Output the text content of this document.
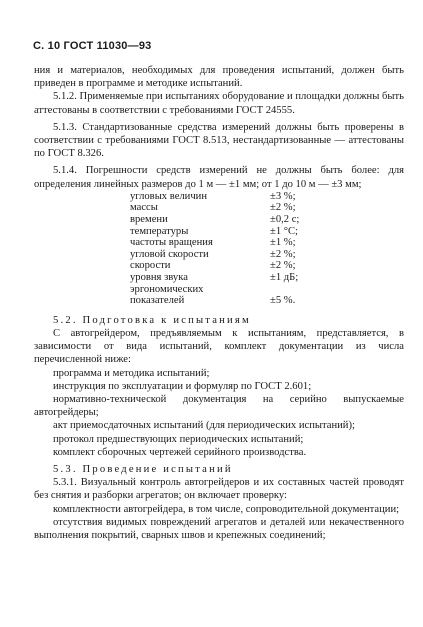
С. 10 ГОСТ 11030—93

ния и материалов, необходимых для проведения испытаний, должен быть приведен в программе и методике испытаний.

5.1.2. Применяемые при испытаниях оборудование и площадки должны быть аттестованы в соответствии с требованиями ГОСТ 24555.

5.1.3. Стандартизованные средства измерений должны быть проверены в соответствии с требованиями ГОСТ 8.513, нестандартизованные — аттестованы по ГОСТ 8.326.

5.1.4. Погрешности средств измерений не должны быть более: для определения линейных размеров до 1 м — ±1 мм; от 1 до 10 м — ±3 мм;

угловых величин	±3 %;
массы	±2 %;
времени	±0,2 с;
температуры	±1 °С;
частоты вращения	±1 %;
угловой скорости	±2 %;
скорости	±2 %;
уровня звука	±1 дБ;
эргономических	
показателей	±5 %.

5.2. Подготовка к испытаниям

С автогрейдером, предъявляемым к испытаниям, представляется, в зависимости от вида испытаний, комплект документации из числа перечисленной ниже:

программа и методика испытаний;

инструкция по эксплуатации и формуляр по ГОСТ 2.601;

нормативно-технической документация на серийно выпускаемые автогрейдеры;

акт приемосдаточных испытаний (для периодических испытаний);

протокол предшествующих периодических испытаний;

комплект сборочных чертежей серийного производства.

5.3. Проведение испытаний

5.3.1. Визуальный контроль автогрейдеров и их составных частей проводят без снятия и разборки агрегатов; он включает проверку:

комплектности автогрейдера, в том числе, сопроводительной документации;

отсутствия видимых повреждений агрегатов и деталей или некачественного выполнения покрытий, сварных швов и крепежных соединений;
